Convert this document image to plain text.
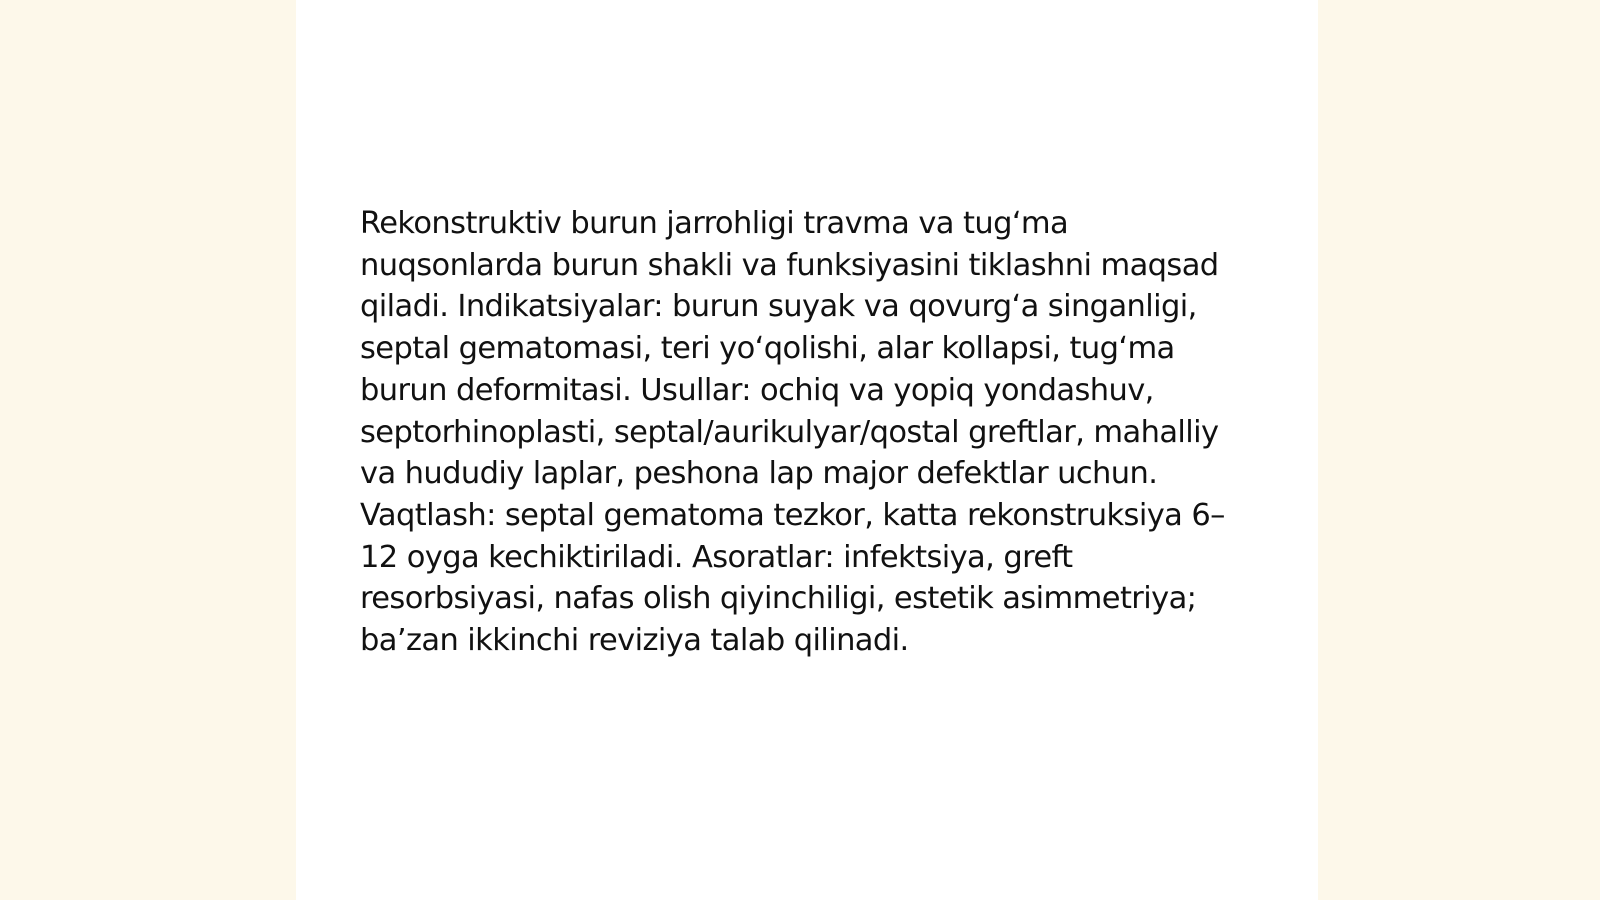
Rekonstruktiv burun jarrohligi travma va tug‘ma nuqsonlarda burun shakli va funksiyasini tiklashni maqsad qiladi. Indikatsiyalar: burun suyak va qovurg‘a singanligi, septal gematomasi, teri yo‘qolishi, alar kollapsi, tug‘ma burun deformitasi. Usullar: ochiq va yopiq yondashuv, septorhinoplasti, septal/aurikulyar/qostal greftlar, mahalliy va hududiy laplar, peshona lap major defektlar uchun. Vaqtlash: septal gematoma tezkor, katta rekonstruksiya 6–12 oyga kechiktiriladi. Asoratlar: infektsiya, greft resorbsiyasi, nafas olish qiyinchiligi, estetik asimmetriya; ba’zan ikkinchi reviziya talab qilinadi.
